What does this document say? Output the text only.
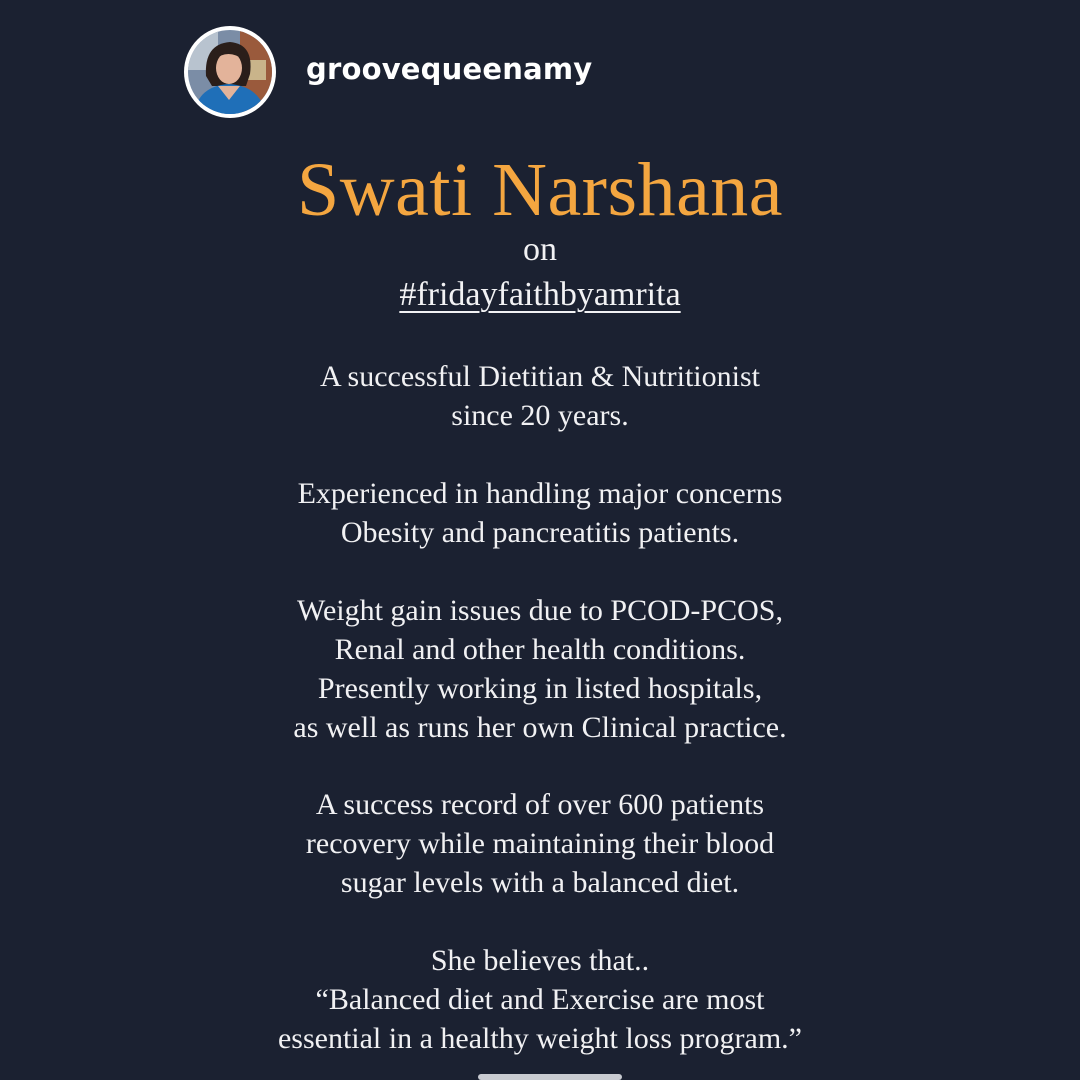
groovequeenamy
Swati Narshana
on
#fridayfaithbyamrita
A successful Dietitian & Nutritionist
since 20 years.
Experienced in handling major concerns
Obesity and pancreatitis patients.
Weight gain issues due to PCOD-PCOS,
Renal and other health conditions.
Presently working in listed hospitals,
as well as runs her own Clinical practice.
A success record of over 600 patients
recovery while maintaining their blood
sugar levels with a balanced diet.
She believes that..
“Balanced diet and Exercise are most
essential in a healthy weight loss program.”
